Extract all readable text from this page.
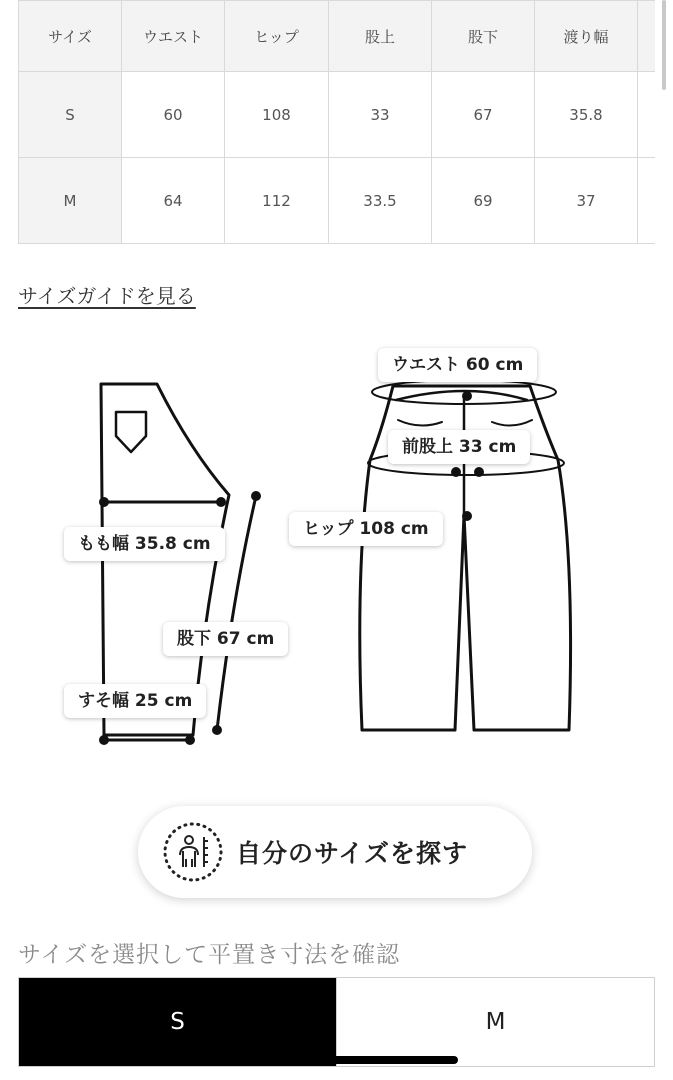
サイズ	ウエスト	ヒップ	股上	股下	渡り幅	
S	60	108	33	67	35.8	
M	64	112	33.5	69	37	
サイズガイドを見る
もも幅 35.8 cm
股下 67 cm
すそ幅 25 cm
ウエスト 60 cm
前股上 33 cm
ヒップ 108 cm
自分のサイズを探す
サイズを選択して平置き寸法を確認
S	M
